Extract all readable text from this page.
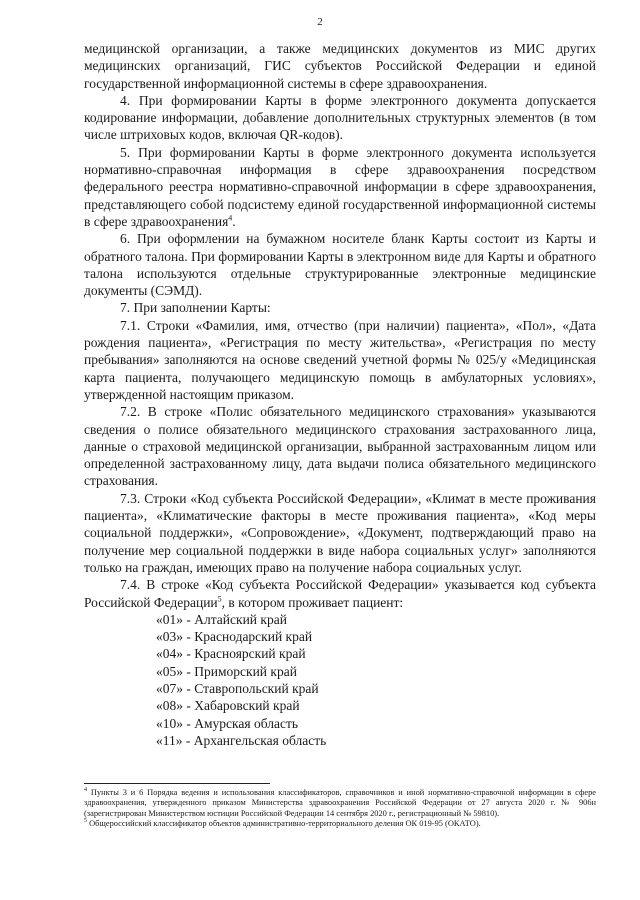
2

медицинской организации, а также медицинских документов из МИС других медицинских организаций, ГИС субъектов Российской Федерации и единой государственной информационной системы в сфере здравоохранения.

4. При формировании Карты в форме электронного документа допускается кодирование информации, добавление дополнительных структурных элементов (в том числе штриховых кодов, включая QR-кодов).

5. При формировании Карты в форме электронного документа используется нормативно-справочная информация в сфере здравоохранения посредством федерального реестра нормативно-справочной информации в сфере здравоохранения, представляющего собой подсистему единой государственной информационной системы в сфере здравоохранения$^4$.

6. При оформлении на бумажном носителе бланк Карты состоит из Карты и обратного талона. При формировании Карты в электронном виде для Карты и обратного талона используются отдельные структурированные электронные медицинские документы (СЭМД).

7. При заполнении Карты:

7.1. Строки «Фамилия, имя, отчество (при наличии) пациента», «Пол», «Дата рождения пациента», «Регистрация по месту жительства», «Регистрация по месту пребывания» заполняются на основе сведений учетной формы № 025/у «Медицинская карта пациента, получающего медицинскую помощь в амбулаторных условиях», утвержденной настоящим приказом.

7.2. В строке «Полис обязательного медицинского страхования» указываются сведения о полисе обязательного медицинского страхования застрахованного лица, данные о страховой медицинской организации, выбранной застрахованным лицом или определенной застрахованному лицу, дата выдачи полиса обязательного медицинского страхования.

7.3. Строки «Код субъекта Российской Федерации», «Климат в месте проживания пациента», «Климатические факторы в месте проживания пациента», «Код меры социальной поддержки», «Сопровождение», «Документ, подтверждающий право на получение мер социальной поддержки в виде набора социальных услуг» заполняются только на граждан, имеющих право на получение набора социальных услуг.

7.4. В строке «Код субъекта Российской Федерации» указывается код субъекта Российской Федерации$^5$, в котором проживает пациент:

«01» - Алтайский край

«03» - Краснодарский край

«04» - Красноярский край

«05» - Приморский край

«07» - Ставропольский край

«08» - Хабаровский край

«10» - Амурская область

«11» - Архангельская область

$^4$ Пункты 3 и 6 Порядка ведения и использования классификаторов, справочников и иной нормативно-справочной информации в сфере здравоохранения, утвержденного приказом Министерства здравоохранения Российской Федерации от 27 августа 2020 г. № 906н (зарегистрирован Министерством юстиции Российской Федерации 14 сентября 2020 г., регистрационный № 59810).

$^5$ Общероссийский классификатор объектов административно-территориального деления ОК 019-95 (ОКАТО).
